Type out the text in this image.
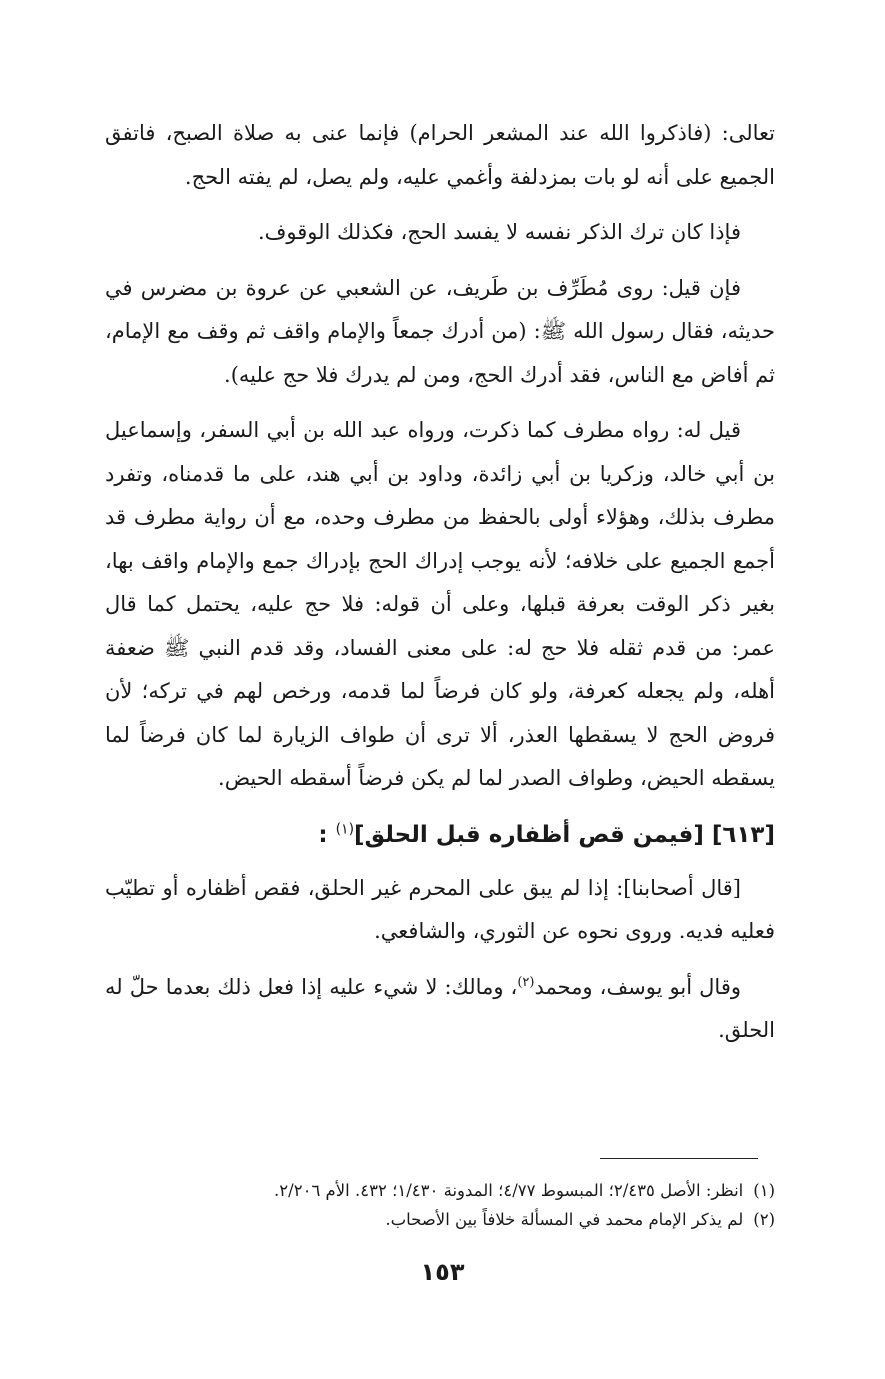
تعالى: (فاذكروا الله عند المشعر الحرام) فإنما عنى به صلاة الصبح، فاتفق الجميع على أنه لو بات بمزدلفة وأغمي عليه، ولم يصل، لم يفته الحج.

فإذا كان ترك الذكر نفسه لا يفسد الحج، فكذلك الوقوف.

فإن قيل: روى مُطَرِّف بن طَريف، عن الشعبي عن عروة بن مضرس في حديثه، فقال رسول الله ﷺ: (من أدرك جمعاً والإمام واقف ثم وقف مع الإمام، ثم أفاض مع الناس، فقد أدرك الحج، ومن لم يدرك فلا حج عليه).

قيل له: رواه مطرف كما ذكرت، ورواه عبد الله بن أبي السفر، وإسماعيل بن أبي خالد، وزكريا بن أبي زائدة، وداود بن أبي هند، على ما قدمناه، وتفرد مطرف بذلك، وهؤلاء أولى بالحفظ من مطرف وحده، مع أن رواية مطرف قد أجمع الجميع على خلافه؛ لأنه يوجب إدراك الحج بإدراك جمع والإمام واقف بها، بغير ذكر الوقت بعرفة قبلها، وعلى أن قوله: فلا حج عليه، يحتمل كما قال عمر: من قدم ثقله فلا حج له: على معنى الفساد، وقد قدم النبي ﷺ ضعفة أهله، ولم يجعله كعرفة، ولو كان فرضاً لما قدمه، ورخص لهم في تركه؛ لأن فروض الحج لا يسقطها العذر، ألا ترى أن طواف الزيارة لما كان فرضاً لما يسقطه الحيض، وطواف الصدر لما لم يكن فرضاً أسقطه الحيض.

[٦١٣] [فيمن قص أظفاره قبل الحلق]$^{(١)}$ :

[قال أصحابنا]: إذا لم يبق على المحرم غير الحلق، فقص أظفاره أو تطيّب فعليه فديه. وروى نحوه عن الثوري، والشافعي.

وقال أبو يوسف، ومحمد$^{(٢)}$، ومالك: لا شيء عليه إذا فعل ذلك بعدما حلّ له الحلق.

(١)انظر: الأصل ٢/٤٣٥؛ المبسوط ٤/٧٧؛ المدونة ١/٤٣٠؛ ٤٣٢. الأم ٢/٢٠٦.

(٢)لم يذكر الإمام محمد في المسألة خلافاً بين الأصحاب.

١٥٣
